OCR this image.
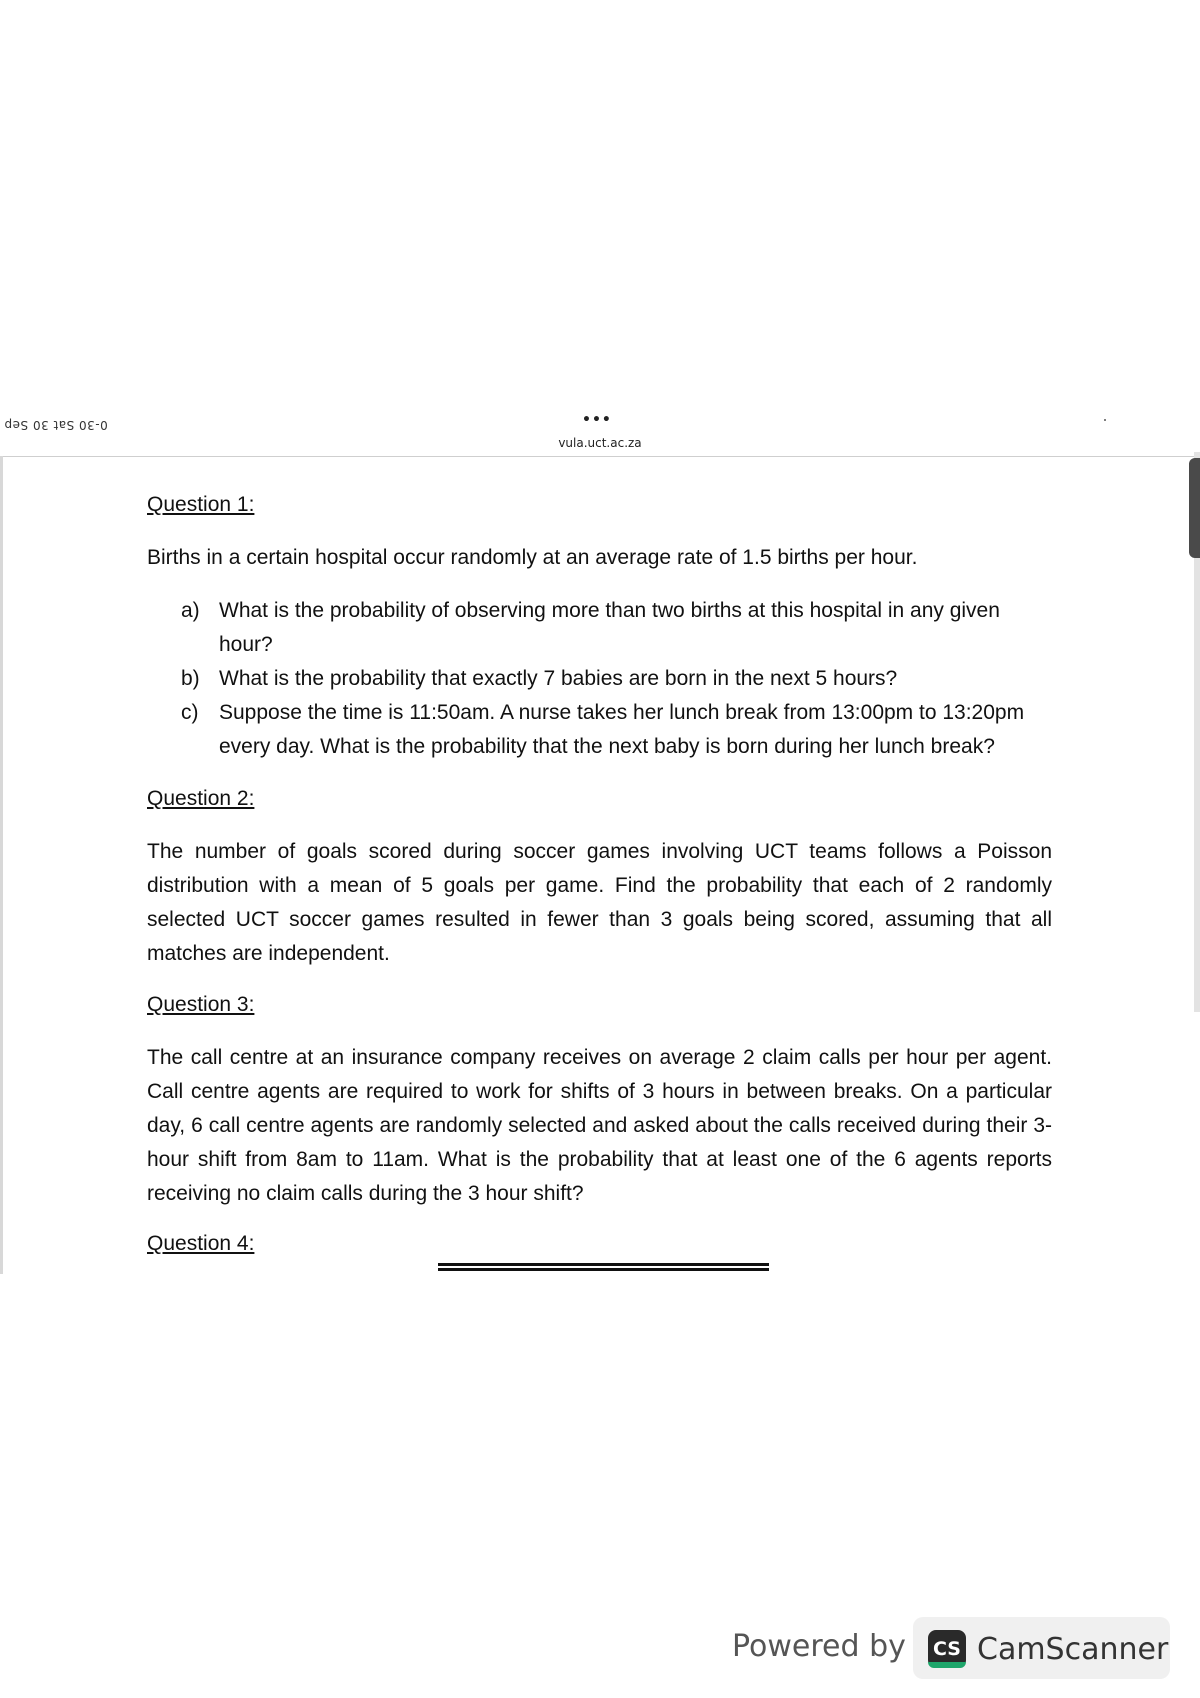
0-30 Sat 30 Sep	•••
vula.uct.ac.za

Question 1:

Births in a certain hospital occur randomly at an average rate of 1.5 births per hour.

a) What is the probability of observing more than two births at this hospital in any given hour?
b) What is the probability that exactly 7 babies are born in the next 5 hours?
c) Suppose the time is 11:50am. A nurse takes her lunch break from 13:00pm to 13:20pm every day. What is the probability that the next baby is born during her lunch break?

Question 2:

The number of goals scored during soccer games involving UCT teams follows a Poisson distribution with a mean of 5 goals per game. Find the probability that each of 2 randomly selected UCT soccer games resulted in fewer than 3 goals being scored, assuming that all matches are independent.

Question 3:

The call centre at an insurance company receives on average 2 claim calls per hour per agent. Call centre agents are required to work for shifts of 3 hours in between breaks. On a particular day, 6 call centre agents are randomly selected and asked about the calls received during their 3-hour shift from 8am to 11am. What is the probability that at least one of the 6 agents reports receiving no claim calls during the 3 hour shift?

Question 4:

Powered by CS CamScanner
